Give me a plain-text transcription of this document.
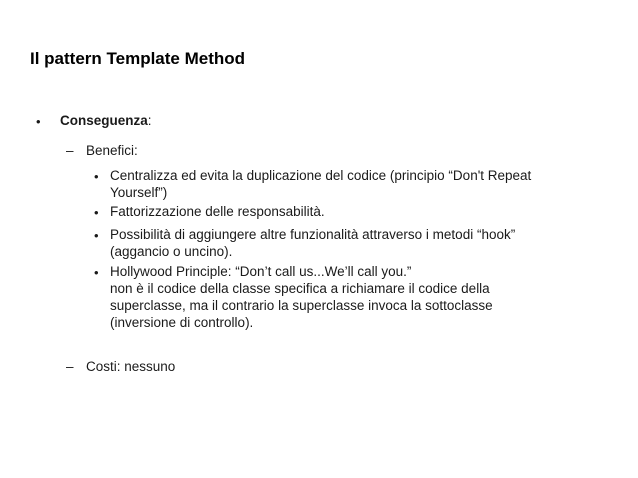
Il pattern Template Method
• Conseguenza:
– Benefici:
• Centralizza ed evita la duplicazione del codice (principio “Don't Repeat
Yourself”)
• Fattorizzazione delle responsabilità.
• Possibilità di aggiungere altre funzionalità attraverso i metodi “hook”
(aggancio o uncino).
• Hollywood Principle: “Don’t call us...We’ll call you.”
non è il codice della classe specifica a richiamare il codice della
superclasse, ma il contrario la superclasse invoca la sottoclasse
(inversione di controllo).
– Costi: nessuno
